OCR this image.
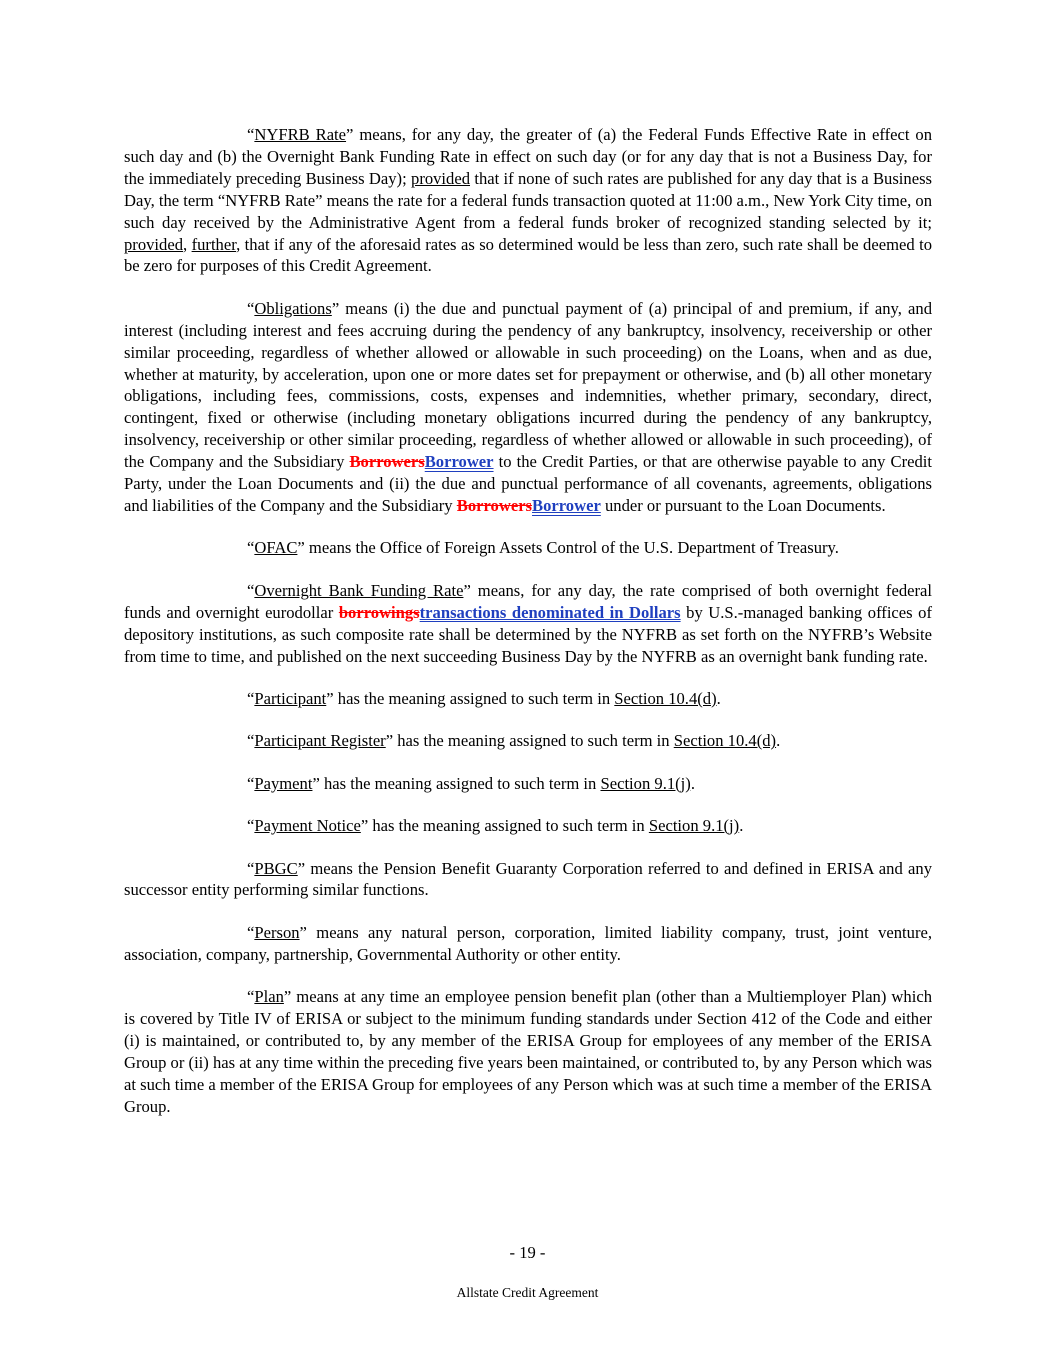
“NYFRB Rate” means, for any day, the greater of (a) the Federal Funds Effective Rate in effect on such day and (b) the Overnight Bank Funding Rate in effect on such day (or for any day that is not a Business Day, for the immediately preceding Business Day); provided that if none of such rates are published for any day that is a Business Day, the term “NYFRB Rate” means the rate for a federal funds transaction quoted at 11:00 a.m., New York City time, on such day received by the Administrative Agent from a federal funds broker of recognized standing selected by it; provided, further, that if any of the aforesaid rates as so determined would be less than zero, such rate shall be deemed to be zero for purposes of this Credit Agreement.

“Obligations” means (i) the due and punctual payment of (a) principal of and premium, if any, and interest (including interest and fees accruing during the pendency of any bankruptcy, insolvency, receivership or other similar proceeding, regardless of whether allowed or allowable in such proceeding) on the Loans, when and as due, whether at maturity, by acceleration, upon one or more dates set for prepayment or otherwise, and (b) all other monetary obligations, including fees, commissions, costs, expenses and indemnities, whether primary, secondary, direct, contingent, fixed or otherwise (including monetary obligations incurred during the pendency of any bankruptcy, insolvency, receivership or other similar proceeding, regardless of whether allowed or allowable in such proceeding), of the Company and the Subsidiary BorrowersBorrower to the Credit Parties, or that are otherwise payable to any Credit Party, under the Loan Documents and (ii) the due and punctual performance of all covenants, agreements, obligations and liabilities of the Company and the Subsidiary BorrowersBorrower under or pursuant to the Loan Documents.

“OFAC” means the Office of Foreign Assets Control of the U.S. Department of Treasury.

“Overnight Bank Funding Rate” means, for any day, the rate comprised of both overnight federal funds and overnight eurodollar borrowingstransactions denominated in Dollars by U.S.-managed banking offices of depository institutions, as such composite rate shall be determined by the NYFRB as set forth on the NYFRB’s Website from time to time, and published on the next succeeding Business Day by the NYFRB as an overnight bank funding rate.

“Participant” has the meaning assigned to such term in Section 10.4(d).

“Participant Register” has the meaning assigned to such term in Section 10.4(d).

“Payment” has the meaning assigned to such term in Section 9.1(j).

“Payment Notice” has the meaning assigned to such term in Section 9.1(j).

“PBGC” means the Pension Benefit Guaranty Corporation referred to and defined in ERISA and any successor entity performing similar functions.

“Person” means any natural person, corporation, limited liability company, trust, joint venture, association, company, partnership, Governmental Authority or other entity.

“Plan” means at any time an employee pension benefit plan (other than a Multiemployer Plan) which is covered by Title IV of ERISA or subject to the minimum funding standards under Section 412 of the Code and either (i) is maintained, or contributed to, by any member of the ERISA Group for employees of any member of the ERISA Group or (ii) has at any time within the preceding five years been maintained, or contributed to, by any Person which was at such time a member of the ERISA Group for employees of any Person which was at such time a member of the ERISA Group.

- 19 -
Allstate Credit Agreement
